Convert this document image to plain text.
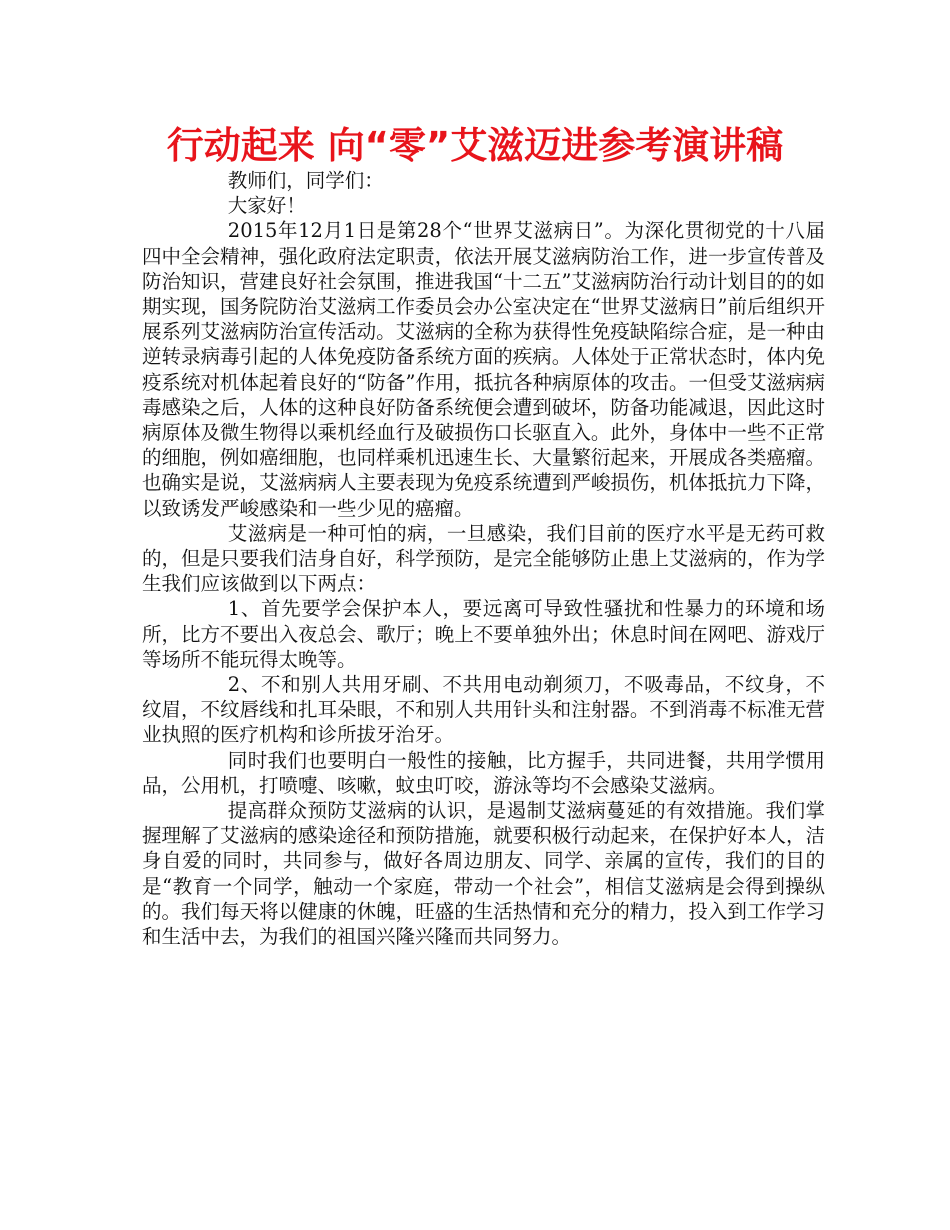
行动起来 向“零”艾滋迈进参考演讲稿

教师们，同学们：

大家好！

2015年12月1日是第28个“世界艾滋病日”。为深化贯彻党的十八届四中全会精神，强化政府法定职责，依法开展艾滋病防治工作，进一步宣传普及防治知识，营建良好社会氛围，推进我国“十二五”艾滋病防治行动计划目的的如期实现，国务院防治艾滋病工作委员会办公室决定在“世界艾滋病日”前后组织开展系列艾滋病防治宣传活动。艾滋病的全称为获得性免疫缺陷综合症，是一种由逆转录病毒引起的人体免疫防备系统方面的疾病。人体处于正常状态时，体内免疫系统对机体起着良好的“防备”作用，抵抗各种病原体的攻击。一但受艾滋病病毒感染之后，人体的这种良好防备系统便会遭到破坏，防备功能减退，因此这时病原体及微生物得以乘机经血行及破损伤口长驱直入。此外，身体中一些不正常的细胞，例如癌细胞，也同样乘机迅速生长、大量繁衍起来，开展成各类癌瘤。也确实是说，艾滋病病人主要表现为免疫系统遭到严峻损伤，机体抵抗力下降，以致诱发严峻感染和一些少见的癌瘤。

艾滋病是一种可怕的病，一旦感染，我们目前的医疗水平是无药可救的，但是只要我们洁身自好，科学预防，是完全能够防止患上艾滋病的，作为学生我们应该做到以下两点：

1、首先要学会保护本人，要远离可导致性骚扰和性暴力的环境和场所，比方不要出入夜总会、歌厅；晚上不要单独外出；休息时间在网吧、游戏厅等场所不能玩得太晚等。

2、不和别人共用牙刷、不共用电动剃须刀，不吸毒品，不纹身，不纹眉，不纹唇线和扎耳朵眼，不和别人共用针头和注射器。不到消毒不标准无营业执照的医疗机构和诊所拔牙治牙。

同时我们也要明白一般性的接触，比方握手，共同进餐，共用学惯用品，公用机，打喷嚏、咳嗽，蚊虫叮咬，游泳等均不会感染艾滋病。

提高群众预防艾滋病的认识，是遏制艾滋病蔓延的有效措施。我们掌握理解了艾滋病的感染途径和预防措施，就要积极行动起来，在保护好本人，洁身自爱的同时，共同参与，做好各周边朋友、同学、亲属的宣传，我们的目的是“教育一个同学，触动一个家庭，带动一个社会”，相信艾滋病是会得到操纵的。我们每天将以健康的休魄，旺盛的生活热情和充分的精力，投入到工作学习和生活中去，为我们的祖国兴隆兴隆而共同努力。
